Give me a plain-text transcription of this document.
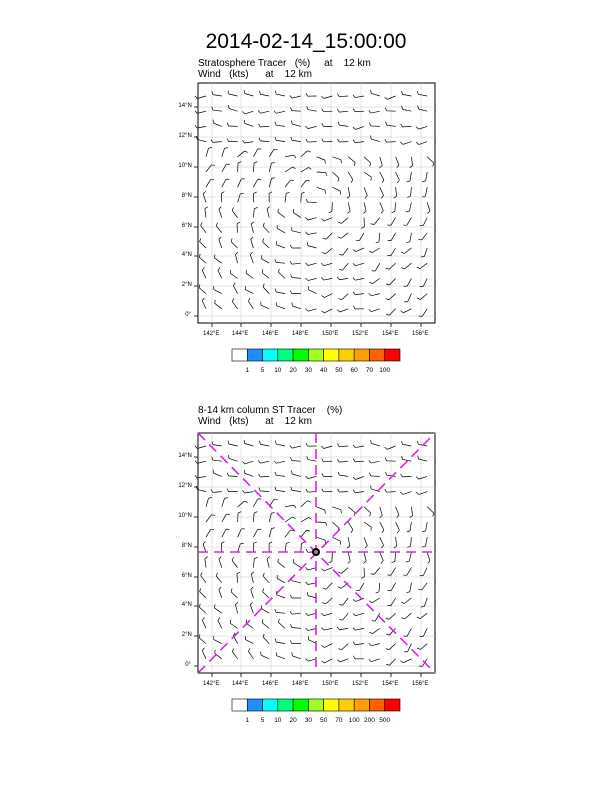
2014-02-14_15:00:00
Stratosphere Tracer   (%)     at    12 km
Wind   (kts)      at    12 km
142°E 144°E 146°E 148°E 150°E 152°E 154°E 156°E
0°
2°N
4°N
6°N
8°N
10°N
12°N
14°N
1	5	10	20	30	40	50	60	70 100
8-14 km column ST Tracer    (%)
Wind   (kts)      at    12 km
142°E 144°E 146°E 148°E 150°E 152°E 154°E 156°E
0°
2°N
4°N
6°N
8°N
10°N
12°N
14°N
1	5	10	20	30	50	70 100 200 500
